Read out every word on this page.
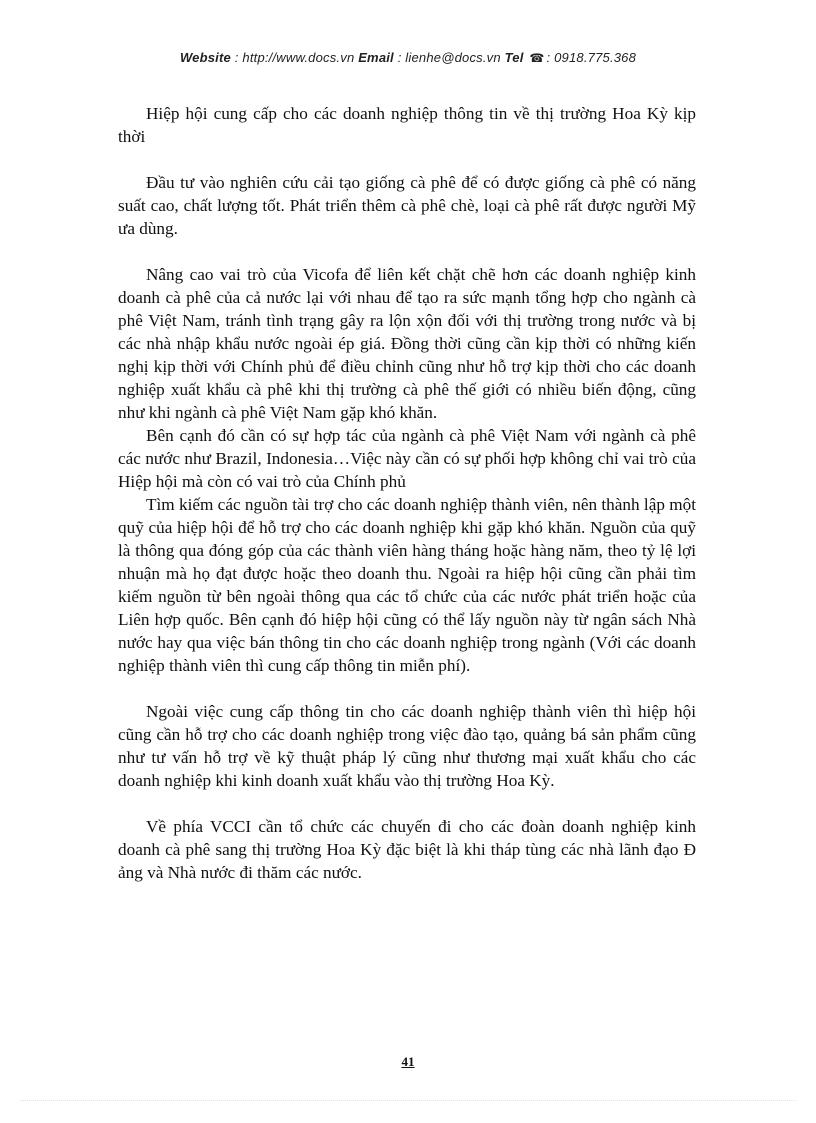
Website : http://www.docs.vn Email : lienhe@docs.vn Tel ☎ : 0918.775.368

Hiệp hội cung cấp cho các doanh nghiệp thông tin về thị trường Hoa Kỳ kịp thời

Đầu tư vào nghiên cứu cải tạo giống cà phê để có được giống cà phê có năng suất cao, chất lượng tốt. Phát triển thêm cà phê chè, loại cà phê rất được người Mỹ ưa dùng.

Nâng cao vai trò của Vicofa để liên kết chặt chẽ hơn các doanh nghiệp kinh doanh cà phê của cả nước lại với nhau để tạo ra sức mạnh tổng hợp cho ngành cà phê Việt Nam, tránh tình trạng gây ra lộn xộn đối với thị trường trong nước và bị các nhà nhập khẩu nước ngoài ép giá. Đồng thời cũng cần kịp thời có những kiến nghị kịp thời với Chính phủ để điều chỉnh cũng như hỗ trợ kịp thời cho các doanh nghiệp xuất khẩu cà phê khi thị trường cà phê thế giới có nhiều biến động, cũng như khi ngành cà phê Việt Nam gặp khó khăn.

Bên cạnh đó cần có sự hợp tác của ngành cà phê Việt Nam với ngành cà phê các nước như Brazil, Indonesia…Việc này cần có sự phối hợp không chỉ vai trò của Hiệp hội mà còn có vai trò của Chính phủ

Tìm kiếm các nguồn tài trợ cho các doanh nghiệp thành viên, nên thành lập một quỹ của hiệp hội để hỗ trợ cho các doanh nghiệp khi gặp khó khăn. Nguồn của quỹ là thông qua đóng góp của các thành viên hàng tháng hoặc hàng năm, theo tỷ lệ lợi nhuận mà họ đạt được hoặc theo doanh thu. Ngoài ra hiệp hội cũng cần phải tìm kiếm nguồn từ bên ngoài thông qua các tổ chức của các nước phát triển hoặc của Liên hợp quốc. Bên cạnh đó hiệp hội cũng có thể lấy nguồn này từ ngân sách Nhà nước hay qua việc bán thông tin cho các doanh nghiệp trong ngành (Với các doanh nghiệp thành viên thì cung cấp thông tin miễn phí).

Ngoài việc cung cấp thông tin cho các doanh nghiệp thành viên thì hiệp hội cũng cần hỗ trợ cho các doanh nghiệp trong việc đào tạo, quảng bá sản phẩm cũng như tư vấn hỗ trợ về kỹ thuật pháp lý cũng như thương mại xuất khẩu cho các doanh nghiệp khi kinh doanh xuất khẩu vào thị trường Hoa Kỳ.

Về phía VCCI cần tổ chức các chuyến đi cho các đoàn doanh nghiệp kinh doanh cà phê sang thị trường Hoa Kỳ đặc biệt là khi tháp tùng các nhà lãnh đạo Đ ảng và Nhà nước đi thăm các nước.

41
